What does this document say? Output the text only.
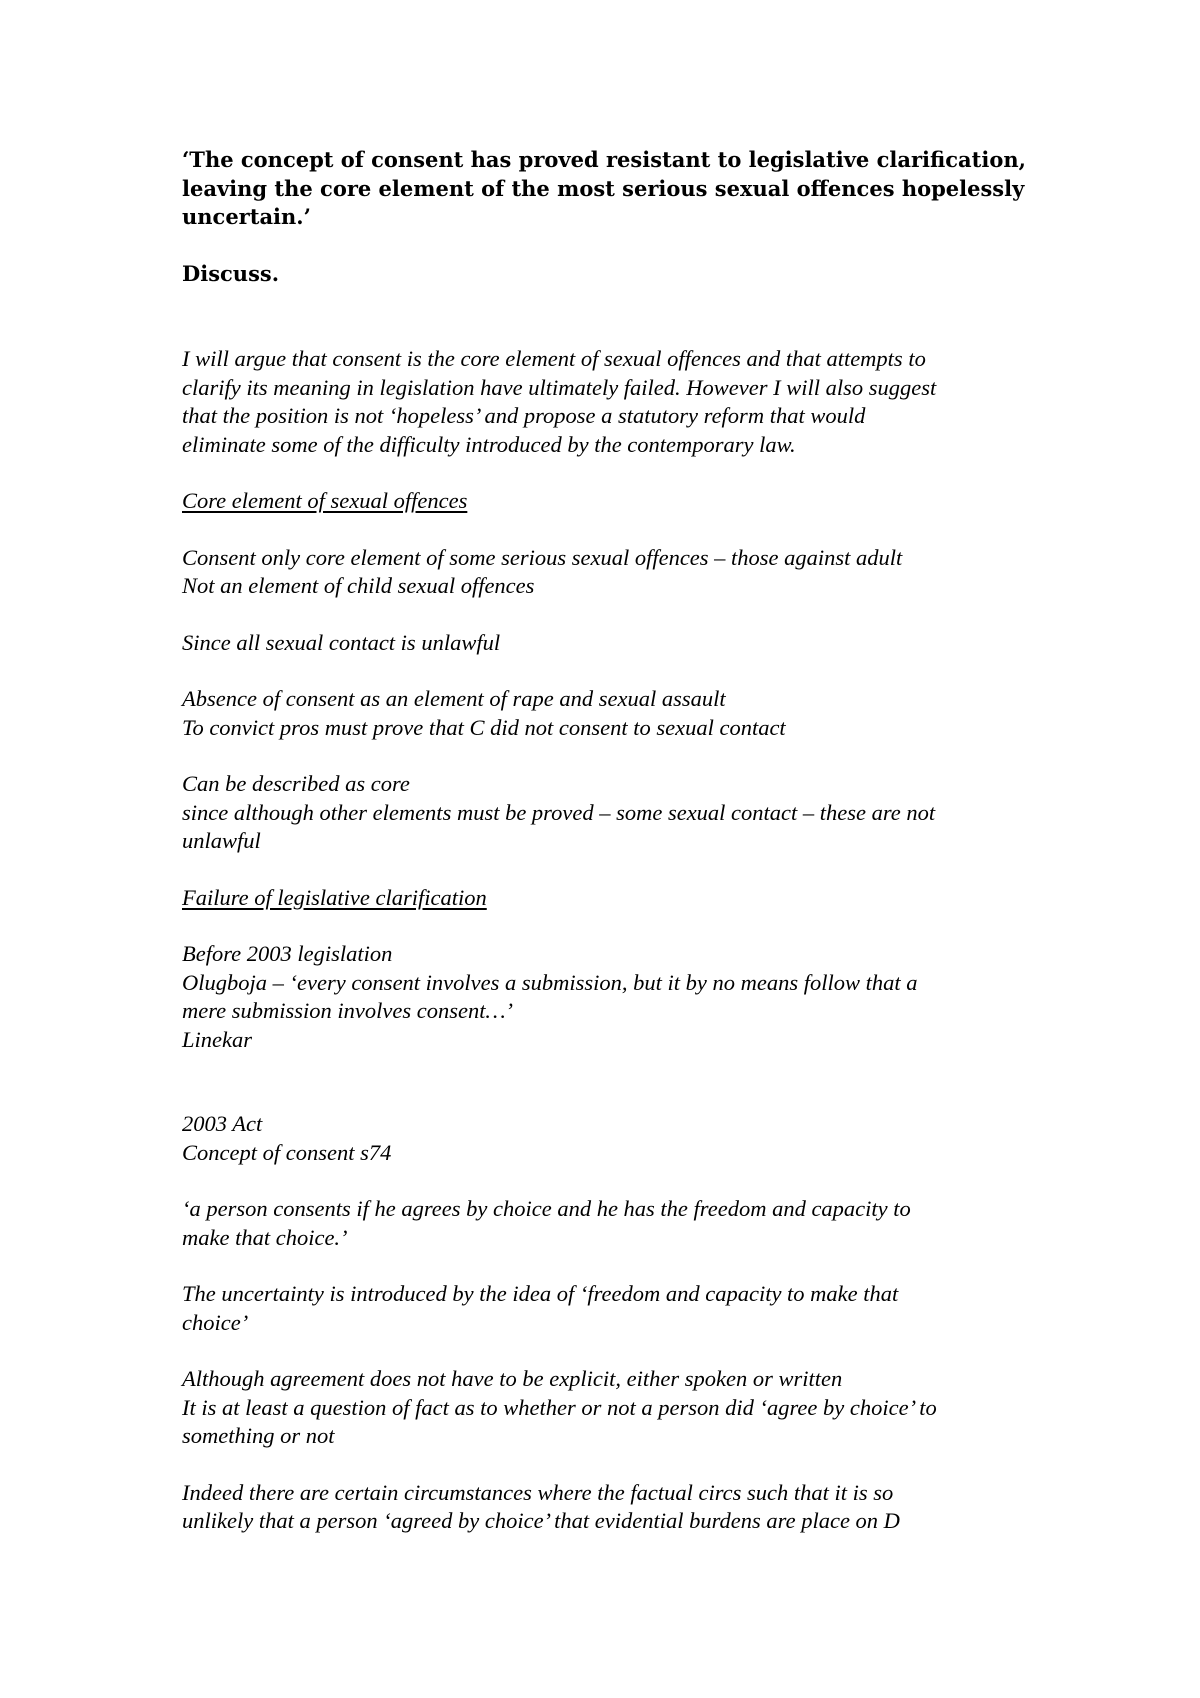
‘The concept of consent has proved resistant to legislative clarification,
leaving the core element of the most serious sexual offences hopelessly
uncertain.’

Discuss.

I will argue that consent is the core element of sexual offences and that attempts to
clarify its meaning in legislation have ultimately failed. However I will also suggest
that the position is not ‘hopeless’ and propose a statutory reform that would
eliminate some of the difficulty introduced by the contemporary law.

Core element of sexual offences

Consent only core element of some serious sexual offences – those against adult
Not an element of child sexual offences

Since all sexual contact is unlawful

Absence of consent as an element of rape and sexual assault
To convict pros must prove that C did not consent to sexual contact

Can be described as core
since although other elements must be proved – some sexual contact – these are not
unlawful

Failure of legislative clarification

Before 2003 legislation
Olugboja – ‘every consent involves a submission, but it by no means follow that a
mere submission involves consent…’
Linekar

2003 Act
Concept of consent s74

‘a person consents if he agrees by choice and he has the freedom and capacity to
make that choice.’

The uncertainty is introduced by the idea of ‘freedom and capacity to make that
choice’

Although agreement does not have to be explicit, either spoken or written
It is at least a question of fact as to whether or not a person did ‘agree by choice’ to
something or not

Indeed there are certain circumstances where the factual circs such that it is so
unlikely that a person ‘agreed by choice’ that evidential burdens are place on D
